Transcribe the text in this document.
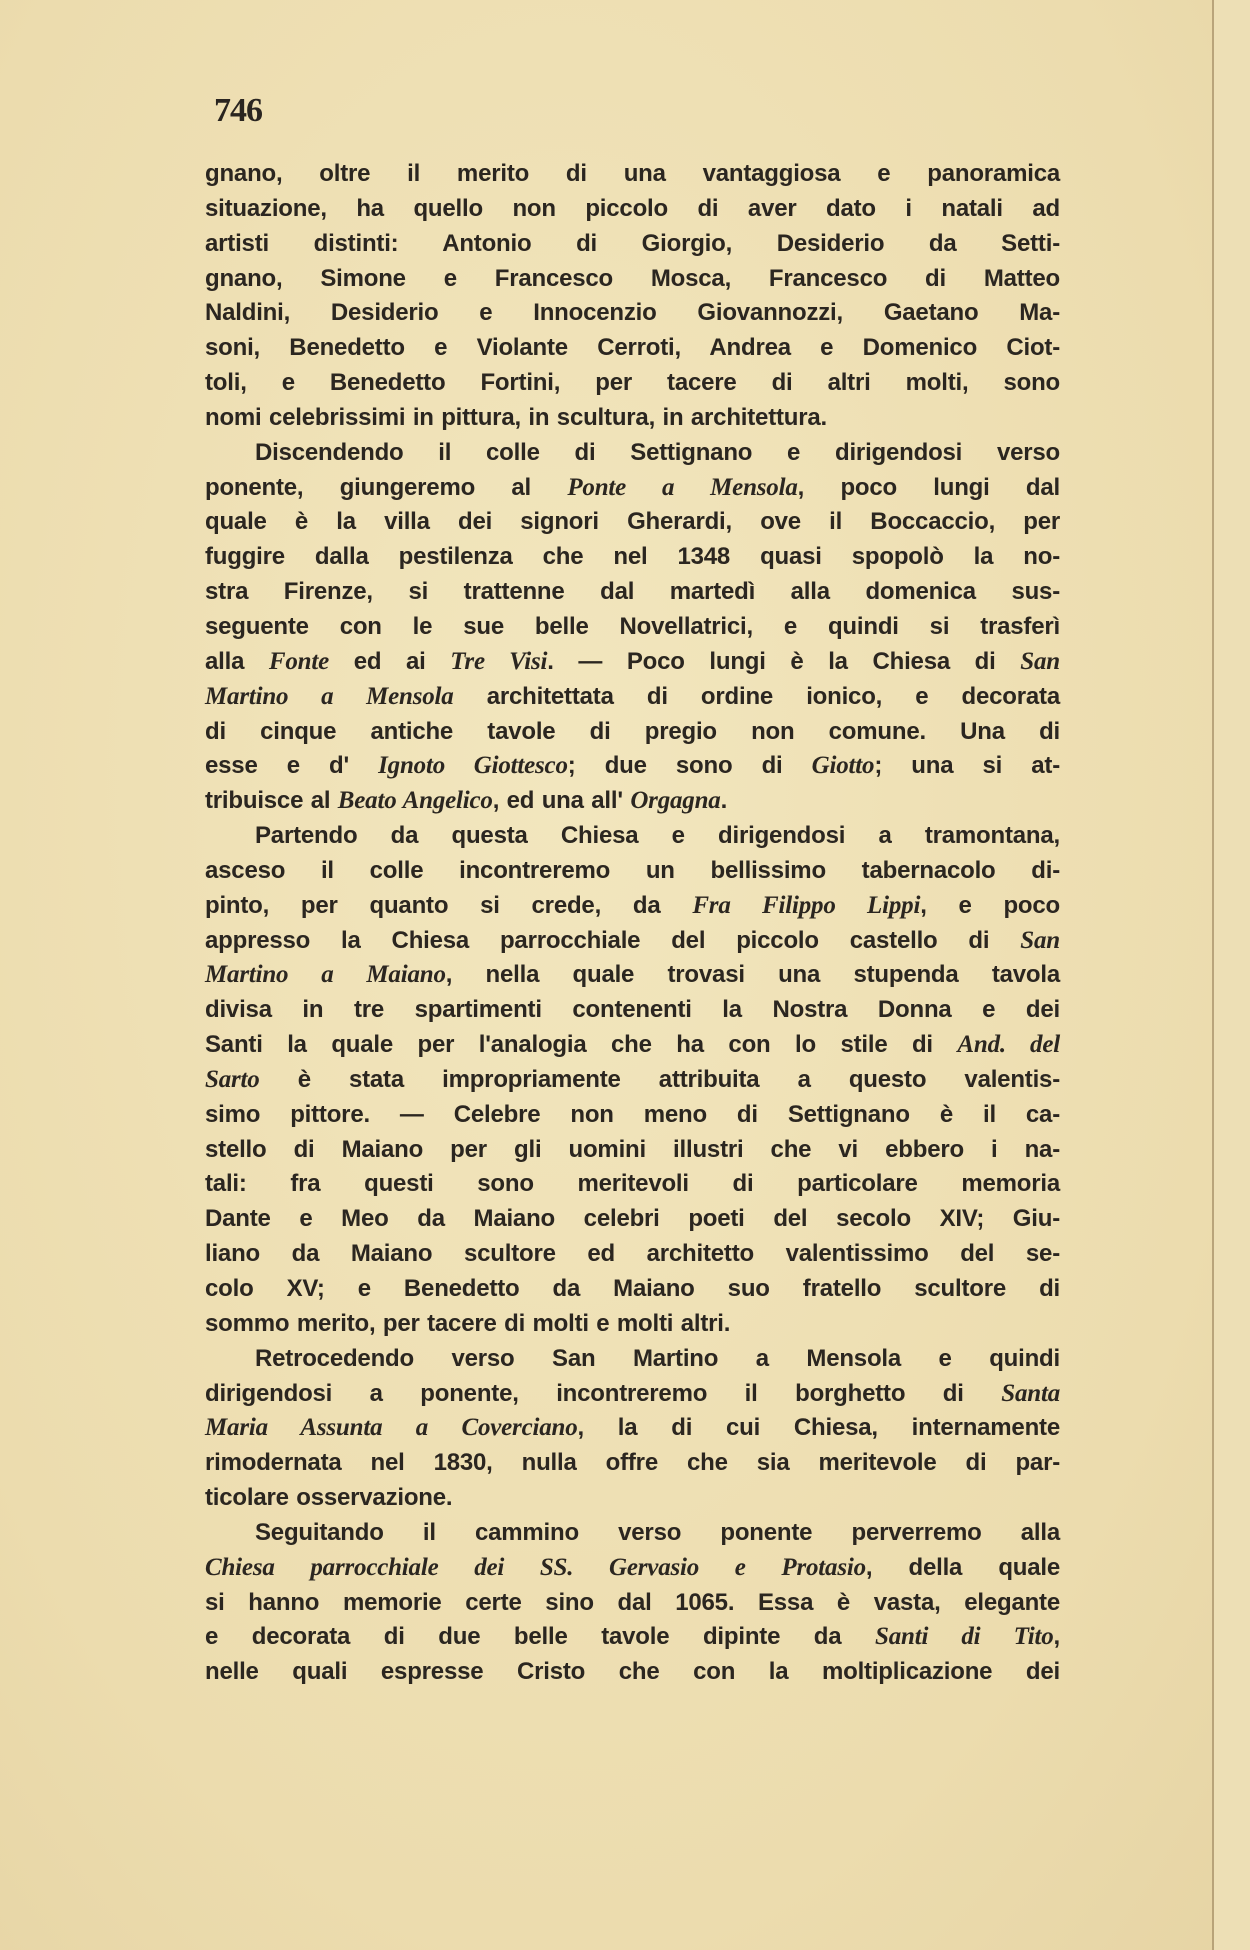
746
gnano, oltre il merito di una vantaggiosa e panoramica
situazione, ha quello non piccolo di aver dato i natali ad
artisti distinti: Antonio di Giorgio, Desiderio da Setti-
gnano, Simone e Francesco Mosca, Francesco di Matteo
Naldini, Desiderio e Innocenzio Giovannozzi, Gaetano Ma-
soni, Benedetto e Violante Cerroti, Andrea e Domenico Ciot-
toli, e Benedetto Fortini, per tacere di altri molti, sono
nomi celebrissimi in pittura, in scultura, in architettura.
Discendendo il colle di Settignano e dirigendosi verso
ponente, giungeremo al Ponte a Mensola, poco lungi dal
quale è la villa dei signori Gherardi, ove il Boccaccio, per
fuggire dalla pestilenza che nel 1348 quasi spopolò la no-
stra Firenze, si trattenne dal martedì alla domenica sus-
seguente con le sue belle Novellatrici, e quindi si trasferì
alla Fonte ed ai Tre Visi. — Poco lungi è la Chiesa di San
Martino a Mensola architettata di ordine ionico, e decorata
di cinque antiche tavole di pregio non comune. Una di
esse e d' Ignoto Giottesco; due sono di Giotto; una si at-
tribuisce al Beato Angelico, ed una all' Orgagna.
Partendo da questa Chiesa e dirigendosi a tramontana,
asceso il colle incontreremo un bellissimo tabernacolo di-
pinto, per quanto si crede, da Fra Filippo Lippi, e poco
appresso la Chiesa parrocchiale del piccolo castello di San
Martino a Maiano, nella quale trovasi una stupenda tavola
divisa in tre spartimenti contenenti la Nostra Donna e dei
Santi la quale per l'analogia che ha con lo stile di And. del
Sarto è stata impropriamente attribuita a questo valentis-
simo pittore. — Celebre non meno di Settignano è il ca-
stello di Maiano per gli uomini illustri che vi ebbero i na-
tali: fra questi sono meritevoli di particolare memoria
Dante e Meo da Maiano celebri poeti del secolo XIV; Giu-
liano da Maiano scultore ed architetto valentissimo del se-
colo XV; e Benedetto da Maiano suo fratello scultore di
sommo merito, per tacere di molti e molti altri.
Retrocedendo verso San Martino a Mensola e quindi
dirigendosi a ponente, incontreremo il borghetto di Santa
Maria Assunta a Coverciano, la di cui Chiesa, internamente
rimodernata nel 1830, nulla offre che sia meritevole di par-
ticolare osservazione.
Seguitando il cammino verso ponente perverremo alla
Chiesa parrocchiale dei SS. Gervasio e Protasio, della quale
si hanno memorie certe sino dal 1065. Essa è vasta, elegante
e decorata di due belle tavole dipinte da Santi di Tito,
nelle quali espresse Cristo che con la moltiplicazione dei
